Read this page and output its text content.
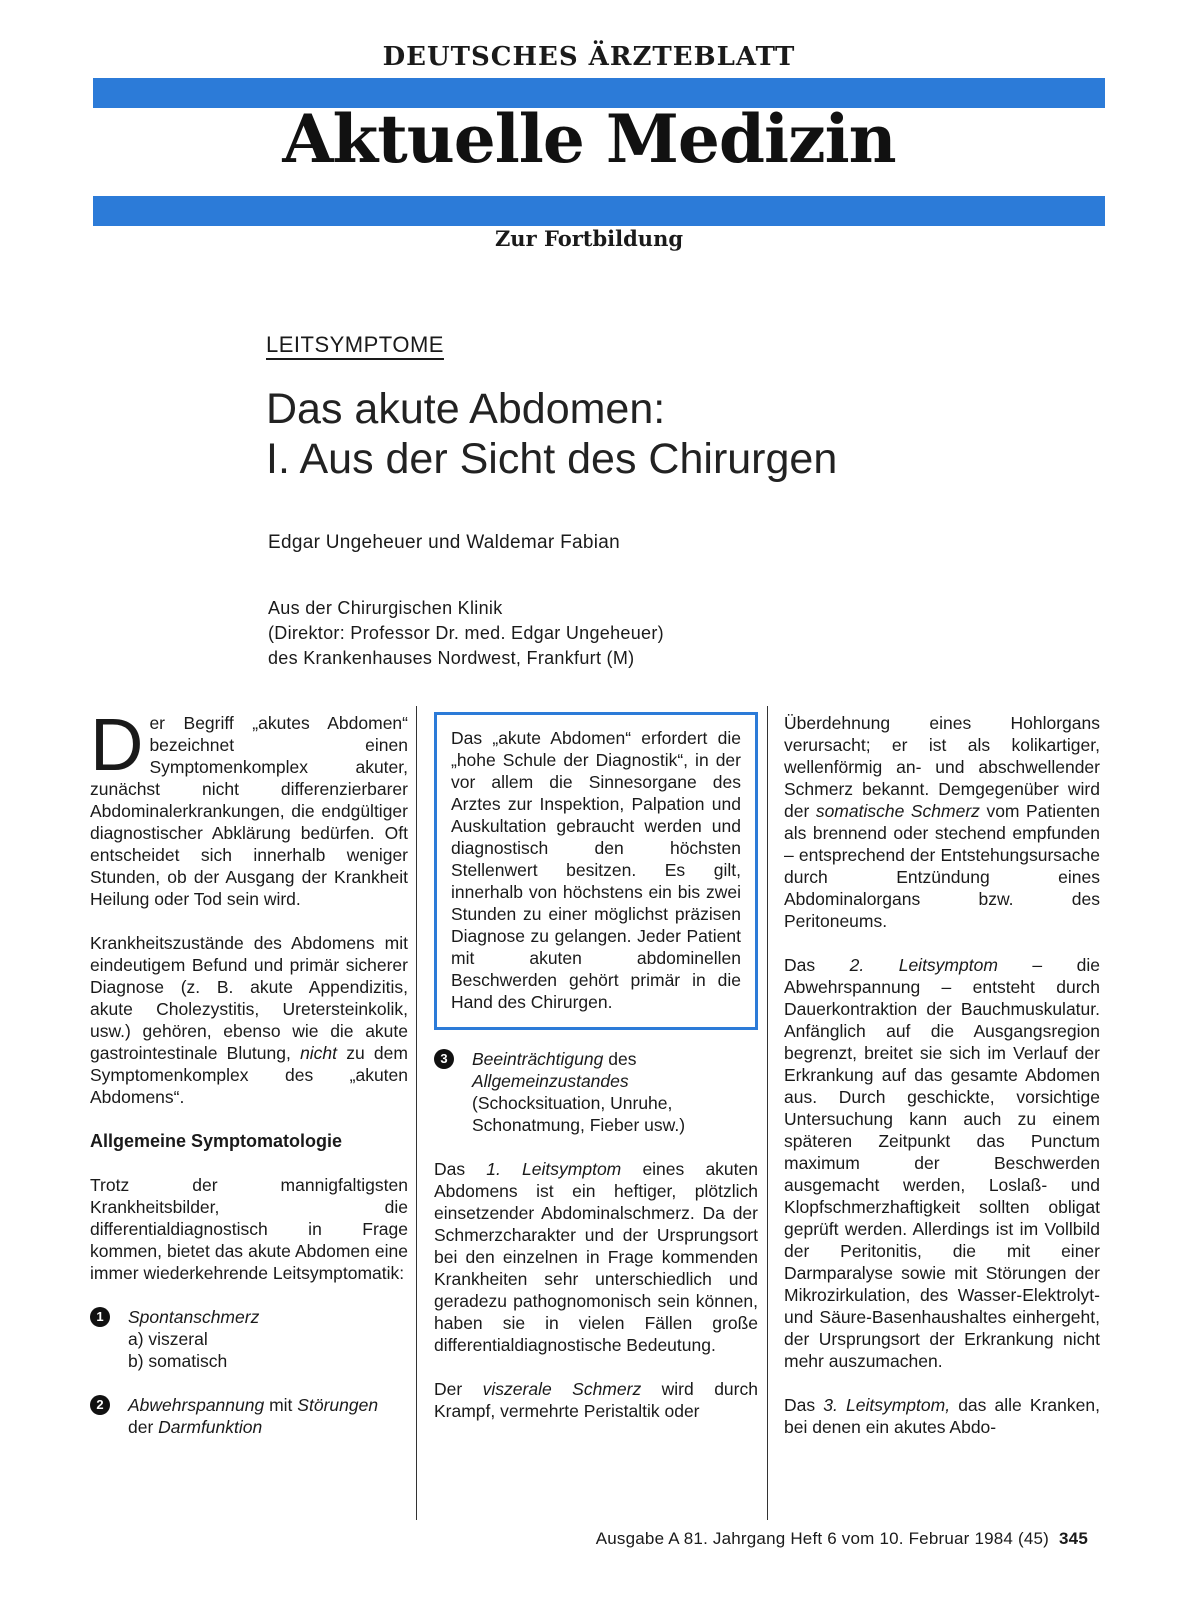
DEUTSCHES ÄRZTEBLATT
Aktuelle Medizin
Zur Fortbildung
LEITSYMPTOME
Das akute Abdomen:
I. Aus der Sicht des Chirurgen
Edgar Ungeheuer und Waldemar Fabian
Aus der Chirurgischen Klinik
(Direktor: Professor Dr. med. Edgar Ungeheuer)
des Krankenhauses Nordwest, Frankfurt (M)

Der Begriff „akutes Abdomen“ bezeichnet einen Symptomenkomplex akuter, zunächst nicht differenzierbarer Abdominalerkrankungen, die endgültiger diagnostischer Abklärung bedürfen. Oft entscheidet sich innerhalb weniger Stunden, ob der Ausgang der Krankheit Heilung oder Tod sein wird.

Krankheitszustände des Abdomens mit eindeutigem Befund und primär sicherer Diagnose (z. B. akute Appendizitis, akute Cholezystitis, Uretersteinkolik, usw.) gehören, ebenso wie die akute gastrointestinale Blutung, nicht zu dem Symptomenkomplex des „akuten Abdomens“.

Allgemeine Symptomatologie

Trotz der mannigfaltigsten Krankheitsbilder, die differentialdiagnostisch in Frage kommen, bietet das akute Abdomen eine immer wiederkehrende Leitsymptomatik:

1	Spontanschmerz
a) viszeral
b) somatisch
2	Abwehrspannung mit Störungen der Darmfunktion
Das „akute Abdomen“ erfordert die „hohe Schule der Diagnostik“, in der vor allem die Sinnesorgane des Arztes zur Inspektion, Palpation und Auskultation gebraucht werden und diagnostisch den höchsten Stellenwert besitzen. Es gilt, innerhalb von höchstens ein bis zwei Stunden zu einer möglichst präzisen Diagnose zu gelangen. Jeder Patient mit akuten abdominellen Beschwerden gehört primär in die Hand des Chirurgen.
3	Beeinträchtigung des Allgemeinzustandes (Schocksituation, Unruhe, Schonatmung, Fieber usw.)

Das 1. Leitsymptom eines akuten Abdomens ist ein heftiger, plötzlich einsetzender Abdominalschmerz. Da der Schmerzcharakter und der Ursprungsort bei den einzelnen in Frage kommenden Krankheiten sehr unterschiedlich und geradezu pathognomonisch sein können, haben sie in vielen Fällen große differentialdiagnostische Bedeutung.

Der viszerale Schmerz wird durch Krampf, vermehrte Peristaltik oder

Überdehnung eines Hohlorgans verursacht; er ist als kolikartiger, wellenförmig an- und abschwellender Schmerz bekannt. Demgegenüber wird der somatische Schmerz vom Patienten als brennend oder stechend empfunden – entsprechend der Entstehungsursache durch Entzündung eines Abdominalorgans bzw. des Peritoneums.

Das 2. Leitsymptom – die Abwehrspannung – entsteht durch Dauerkontraktion der Bauchmuskulatur. Anfänglich auf die Ausgangsregion begrenzt, breitet sie sich im Verlauf der Erkrankung auf das gesamte Abdomen aus. Durch geschickte, vorsichtige Untersuchung kann auch zu einem späteren Zeitpunkt das Punctum maximum der Beschwerden ausgemacht werden, Loslaß- und Klopfschmerzhaftigkeit sollten obligat geprüft werden. Allerdings ist im Vollbild der Peritonitis, die mit einer Darmparalyse sowie mit Störungen der Mikrozirkulation, des Wasser-Elektrolyt- und Säure-Basenhaushaltes einhergeht, der Ursprungsort der Erkrankung nicht mehr auszumachen.

Das 3. Leitsymptom, das alle Kranken, bei denen ein akutes Abdo-

Ausgabe A 81. Jahrgang Heft 6 vom 10. Februar 1984 (45) 345
